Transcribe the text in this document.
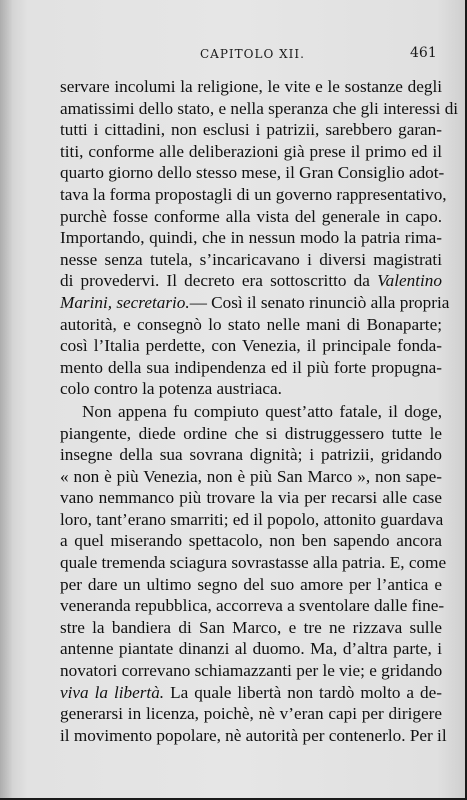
CAPITOLO XII.	461
servare incolumi la religione, le vite e le sostanze degli
amatissimi dello stato, e nella speranza che gli interessi di
tutti i cittadini, non esclusi i patrizii, sarebbero garan-
titi, conforme alle deliberazioni già prese il primo ed il
quarto giorno dello stesso mese, il Gran Consiglio adot-
tava la forma propostagli di un governo rappresentativo,
purchè fosse conforme alla vista del generale in capo.
Importando, quindi, che in nessun modo la patria rima-
nesse senza tutela, s’incaricavano i diversi magistrati
di provedervi. Il decreto era sottoscritto da Valentino
Marini, secretario.— Così il senato rinunciò alla propria
autorità, e consegnò lo stato nelle mani di Bonaparte;
così l’Italia perdette, con Venezia, il principale fonda-
mento della sua indipendenza ed il più forte propugna-
colo contro la potenza austriaca.
Non appena fu compiuto quest’atto fatale, il doge,
piangente, diede ordine che si distruggessero tutte le
insegne della sua sovrana dignità; i patrizii, gridando
« non è più Venezia, non è più San Marco », non sape-
vano nemmanco più trovare la via per recarsi alle case
loro, tant’erano smarriti; ed il popolo, attonito guardava
a quel miserando spettacolo, non ben sapendo ancora
quale tremenda sciagura sovrastasse alla patria. E, come
per dare un ultimo segno del suo amore per l’antica e
veneranda repubblica, accorreva a sventolare dalle fine-
stre la bandiera di San Marco, e tre ne rizzava sulle
antenne piantate dinanzi al duomo. Ma, d’altra parte, i
novatori correvano schiamazzanti per le vie; e gridando
viva la libertà. La quale libertà non tardò molto a de-
generarsi in licenza, poichè, nè v’eran capi per dirigere
il movimento popolare, nè autorità per contenerlo. Per il
